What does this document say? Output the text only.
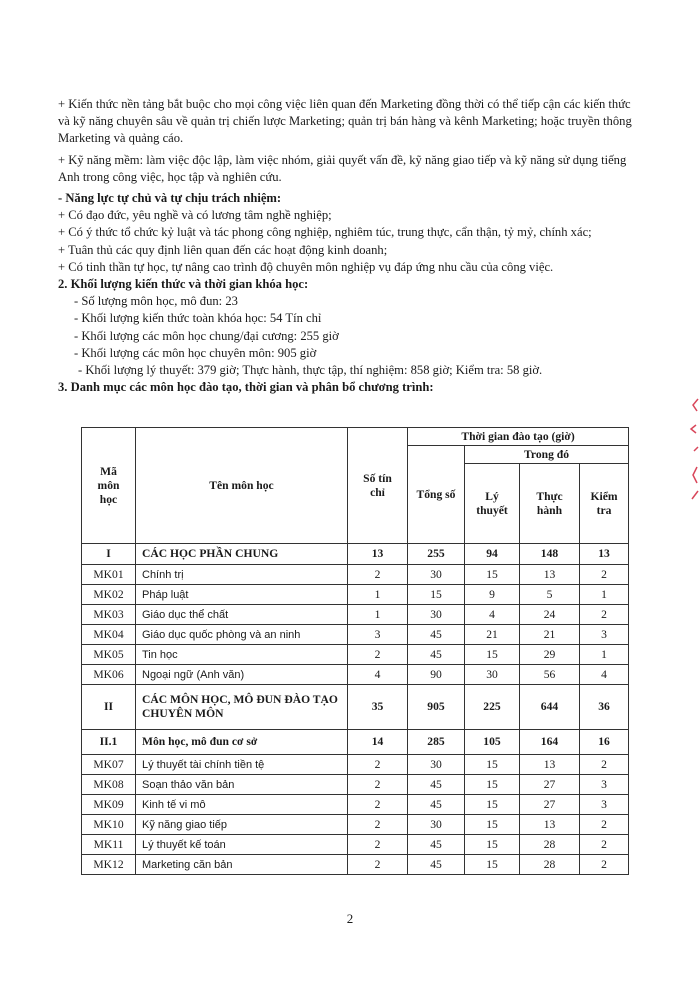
+ Kiến thức nền tảng bắt buộc cho mọi công việc liên quan đến Marketing đồng thời có thể tiếp cận các kiến thức và kỹ năng chuyên sâu về quản trị chiến lược Marketing; quản trị bán hàng và kênh Marketing; hoặc truyền thông Marketing và quảng cáo.

+ Kỹ năng mềm: làm việc độc lập, làm việc nhóm, giải quyết vấn đề, kỹ năng giao tiếp và kỹ năng sử dụng tiếng Anh trong công việc, học tập và nghiên cứu.

- Năng lực tự chủ và tự chịu trách nhiệm:

+ Có đạo đức, yêu nghề và có lương tâm nghề nghiệp;

+ Có ý thức tổ chức kỷ luật và tác phong công nghiệp, nghiêm túc, trung thực, cẩn thận, tỷ mỷ, chính xác;

+ Tuân thủ các quy định liên quan đến các hoạt động kinh doanh;

+ Có tinh thần tự học, tự nâng cao trình độ chuyên môn nghiệp vụ đáp ứng nhu cầu của công việc.

2. Khối lượng kiến thức và thời gian khóa học:

- Số lượng môn học, mô đun: 23

- Khối lượng kiến thức toàn khóa học: 54 Tín chỉ

- Khối lượng các môn học chung/đại cương: 255 giờ

- Khối lượng các môn học chuyên môn: 905 giờ

- Khối lượng lý thuyết: 379 giờ; Thực hành, thực tập, thí nghiệm: 858 giờ; Kiểm tra: 58 giờ.

3. Danh mục các môn học đào tạo, thời gian và phân bổ chương trình:

Mã môn học	Tên môn học	Số tín chỉ	Thời gian đào tạo (giờ)			
			Tổng số	Trong đó		
				Lý thuyết	Thực hành	Kiểm tra
I	CÁC HỌC PHẦN CHUNG	13	255	94	148	13
MK01	Chính trị	2	30	15	13	2
MK02	Pháp luật	1	15	9	5	1
MK03	Giáo dục thể chất	1	30	4	24	2
MK04	Giáo dục quốc phòng và an ninh	3	45	21	21	3
MK05	Tin học	2	45	15	29	1
MK06	Ngoại ngữ (Anh văn)	4	90	30	56	4
II	CÁC MÔN HỌC, MÔ ĐUN ĐÀO TẠO CHUYÊN MÔN	35	905	225	644	36
II.1	Môn học, mô đun cơ sở	14	285	105	164	16
MK07	Lý thuyết tài chính tiền tệ	2	30	15	13	2
MK08	Soạn thảo văn bản	2	45	15	27	3
MK09	Kinh tế vi mô	2	45	15	27	3
MK10	Kỹ năng giao tiếp	2	30	15	13	2
MK11	Lý thuyết kế toán	2	45	15	28	2
MK12	Marketing căn bản	2	45	15	28	2
2
